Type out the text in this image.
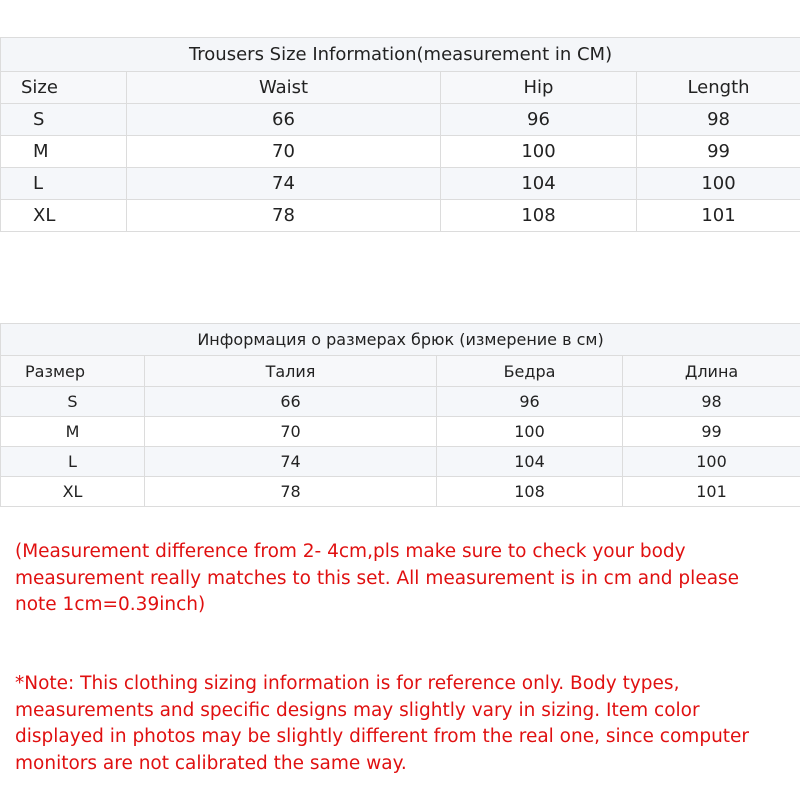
Trousers Size Information(measurement in CM)			
Size	Waist	Hip	Length
S	66	96	98
M	70	100	99
L	74	104	100
XL	78	108	101
Информация о размерах брюк (измерение в см)			
Размер	Талия	Бедра	Длина
S	66	96	98
M	70	100	99
L	74	104	100
XL	78	108	101

(Measurement difference from 2- 4cm,pls make sure to check your body
measurement really matches to this set. All measurement is in cm and please
note 1cm=0.39inch)

*Note: This clothing sizing information is for reference only. Body types,
measurements and specific designs may slightly vary in sizing. Item color
displayed in photos may be slightly different from the real one, since computer
monitors are not calibrated the same way.
